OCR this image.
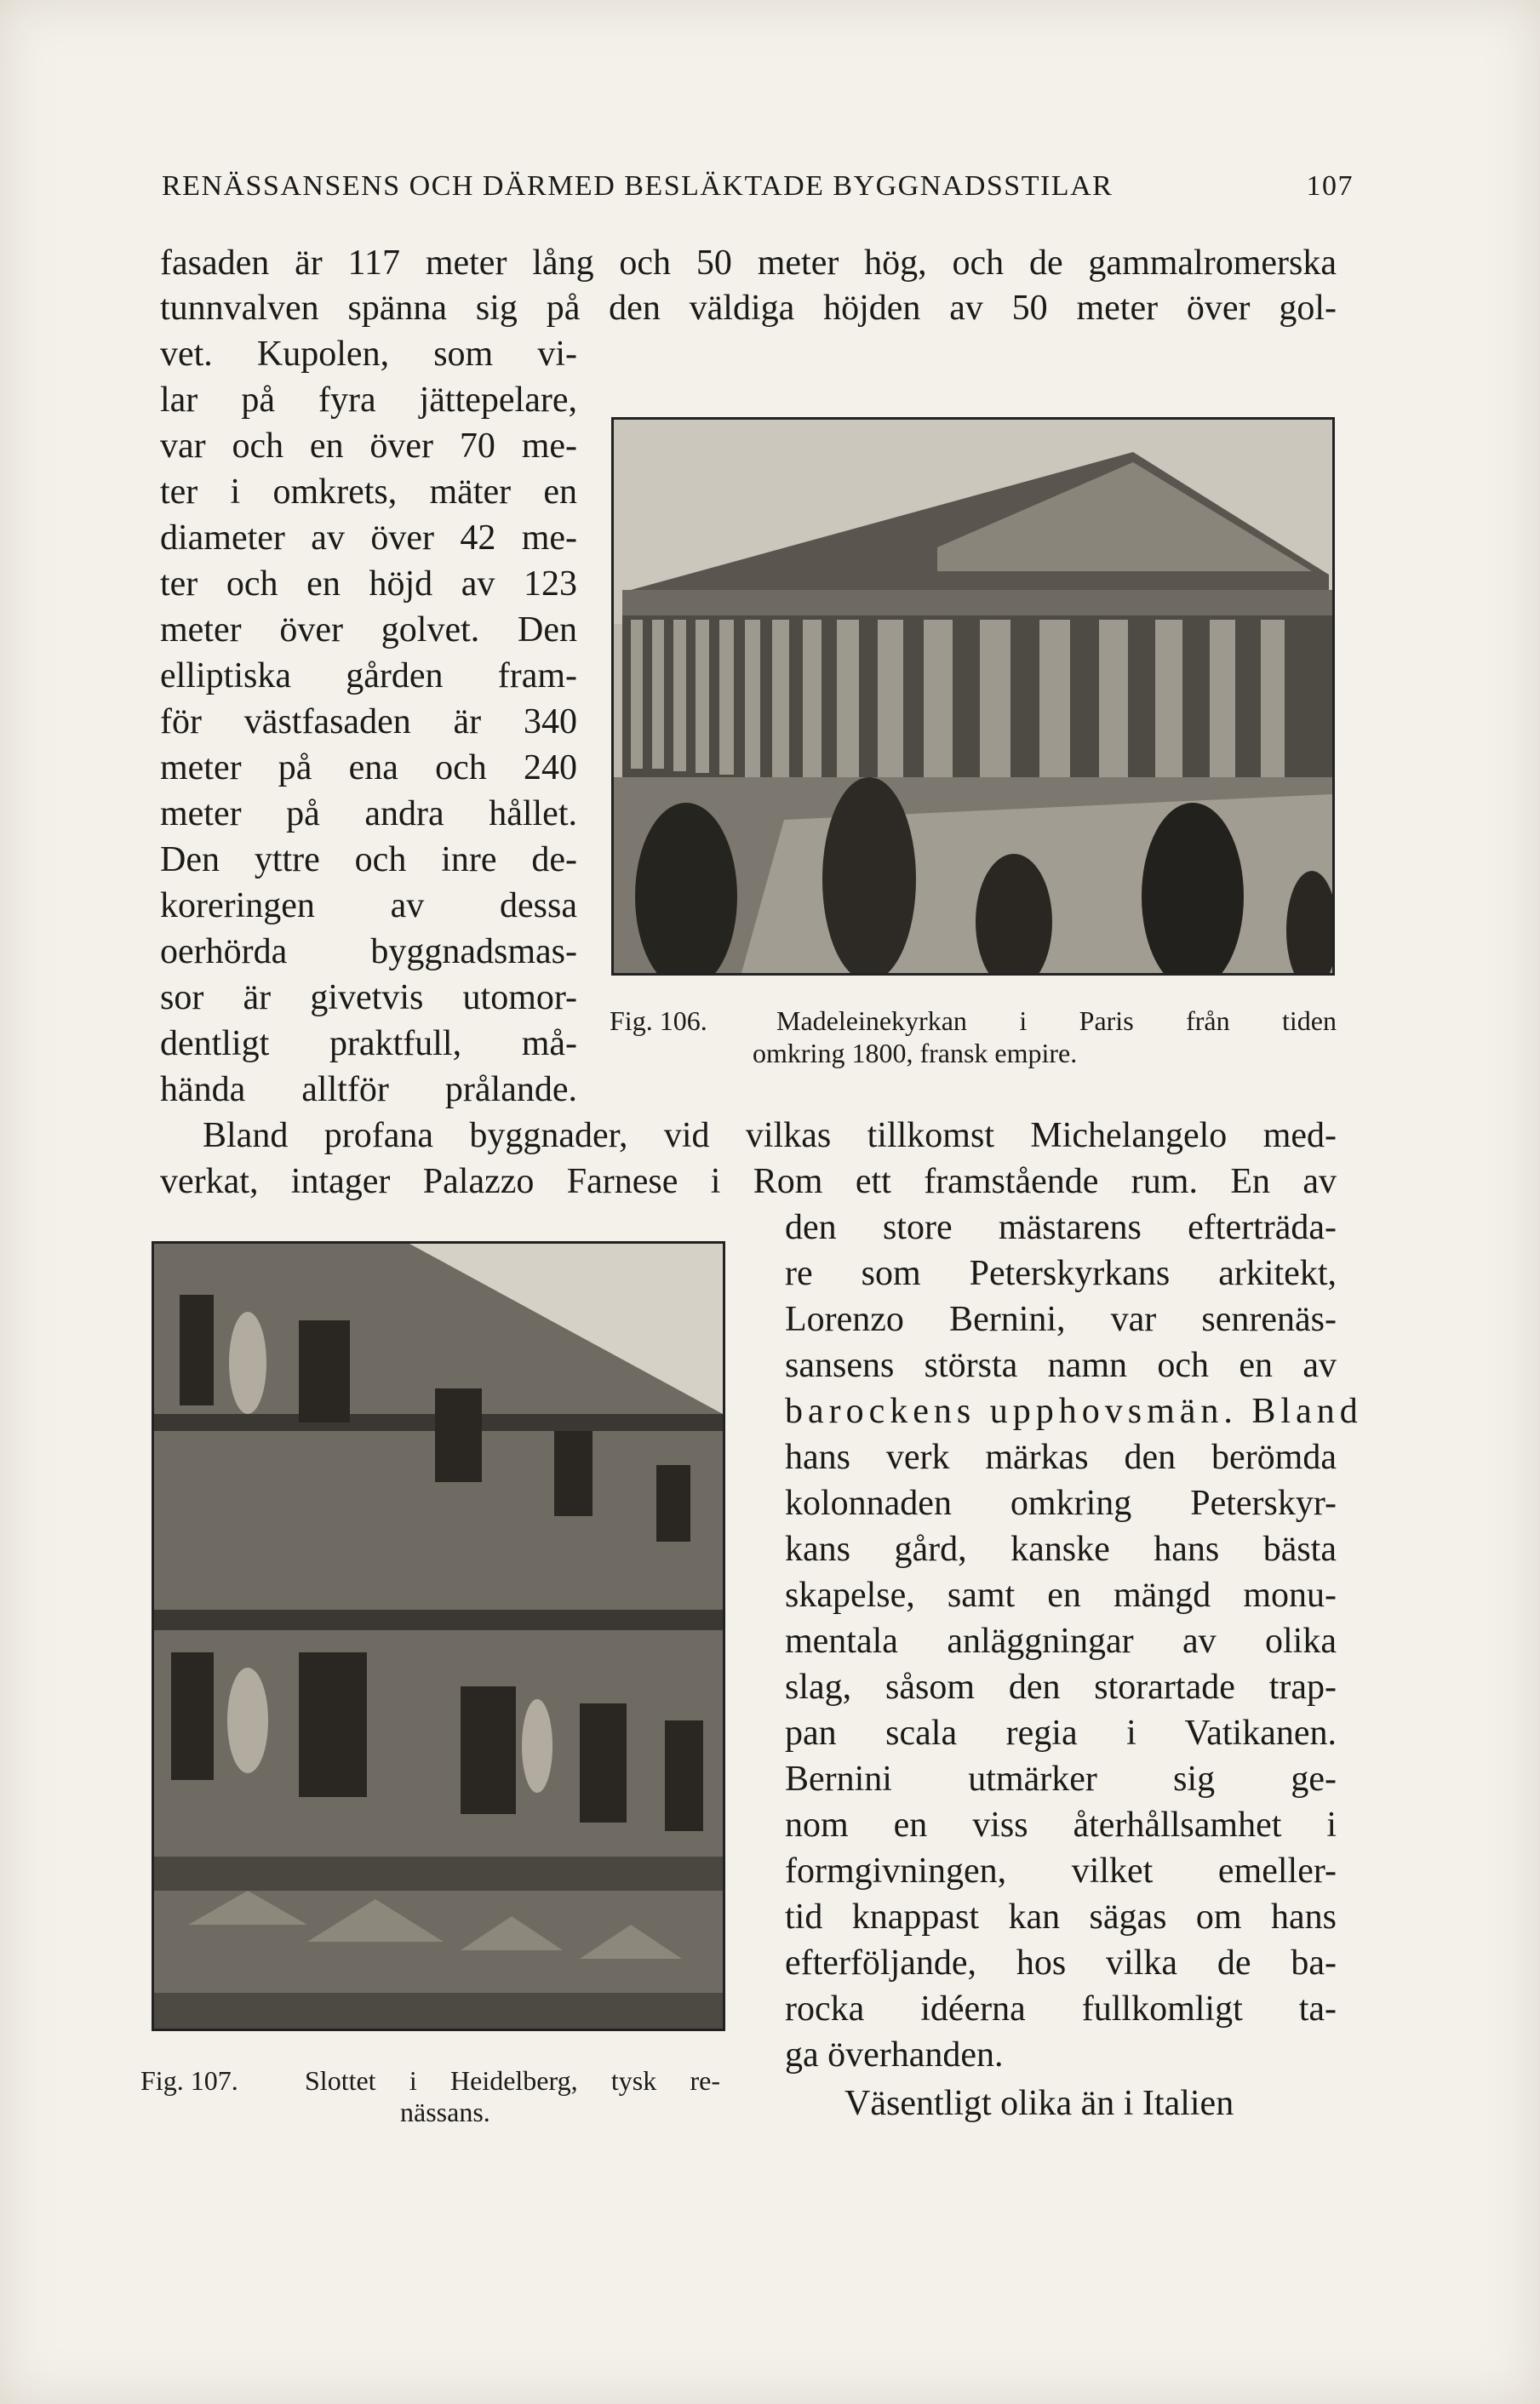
RENÄSSANSENS OCH DÄRMED BESLÄKTADE BYGGNADSSTILAR	107
fasaden är 117 meter lång och 50 meter hög, och de gammalromerska
tunnvalven spänna sig på den väldiga höjden av 50 meter över gol-
vet. Kupolen, som vi-
lar på fyra jättepelare,
var och en över 70 me-
ter i omkrets, mäter en
diameter av över 42 me-
ter och en höjd av 123
meter över golvet. Den
elliptiska gården fram-
för västfasaden är 340
meter på ena och 240
meter på andra hållet.
Den yttre och inre de-
koreringen av dessa
oerhörda byggnadsmas-
sor är givetvis utomor-
dentligt praktfull, må-
hända alltför prålande.
Bland profana byggnader, vid vilkas tillkomst Michelangelo med-
verkat, intager Palazzo Farnese i Rom ett framstående rum. En av
den store mästarens efterträda-
re som Peterskyrkans arkitekt,
Lorenzo Bernini, var senrenäs-
sansens största namn och en av
barockens upphovsmän. Bland
hans verk märkas den berömda
kolonnaden omkring Peterskyr-
kans gård, kanske hans bästa
skapelse, samt en mängd monu-
mentala anläggningar av olika
slag, såsom den storartade trap-
pan scala regia i Vatikanen.
Bernini utmärker sig ge-
nom en viss återhållsamhet i
formgivningen, vilket emeller-
tid knappast kan sägas om hans
efterföljande, hos vilka de ba-
rocka idéerna fullkomligt ta-
ga överhanden.
Väsentligt olika än i Italien
Fig. 106.	Madeleinekyrkan i Paris från tiden
omkring 1800, fransk empire.
Fig. 107. Slottet i Heidelberg, tysk re-
nässans.
